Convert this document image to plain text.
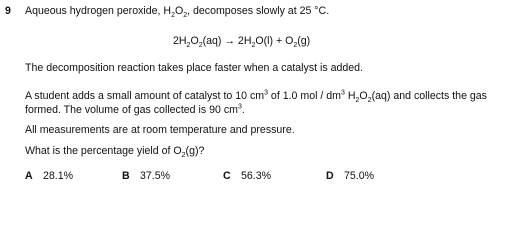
9 Aqueous hydrogen peroxide, $H_2O_2$, decomposes slowly at 25 °C.
$2H_2O_2(aq) \to 2H_2O(l) + O_2(g)$
The decomposition reaction takes place faster when a catalyst is added.
A student adds a small amount of catalyst to 10 $cm^3$ of 1.0 mol / $dm^3$ $H_2O_2(aq)$ and collects the gas
formed. The volume of gas collected is 90 $cm^3$.
All measurements are at room temperature and pressure.
What is the percentage yield of $O_2(g)$?
A 28.1%	B 37.5%	C 56.3%	D 75.0%
